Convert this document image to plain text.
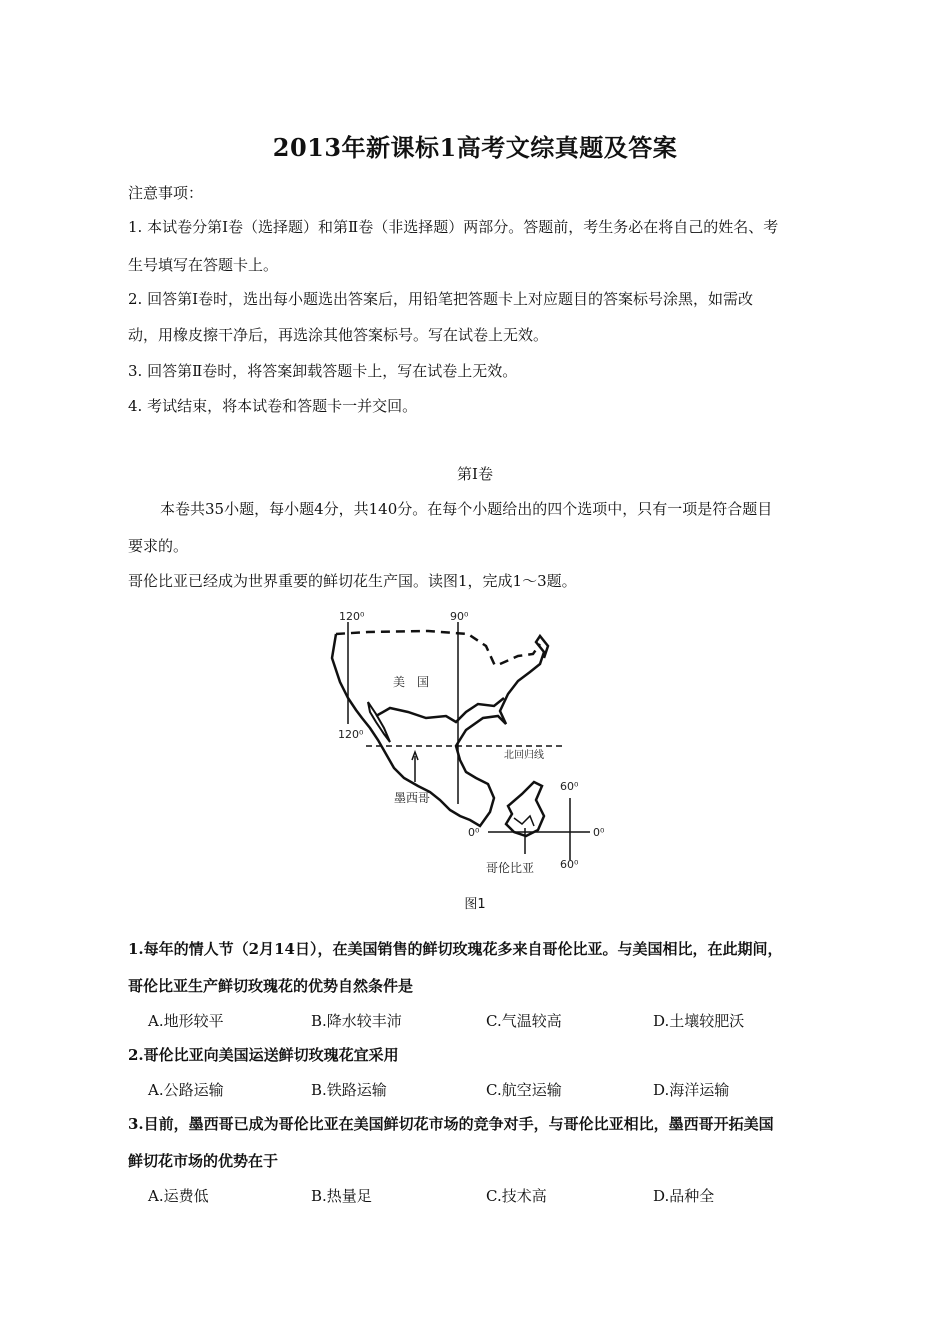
2013年新课标1高考文综真题及答案
注意事项：
1. 本试卷分第Ⅰ卷（选择题）和第Ⅱ卷（非选择题）两部分。答题前，考生务必在将自己的姓名、考
生号填写在答题卡上。
2. 回答第Ⅰ卷时，选出每小题选出答案后，用铅笔把答题卡上对应题目的答案标号涂黑，如需改
动，用橡皮擦干净后，再选涂其他答案标号。写在试卷上无效。
3. 回答第Ⅱ卷时，将答案卸载答题卡上，写在试卷上无效。
4. 考试结束，将本试卷和答题卡一并交回。
第Ⅰ卷
本卷共35小题，每小题4分，共140分。在每个小题给出的四个选项中，只有一项是符合题目
要求的。
哥伦比亚已经成为世界重要的鲜切花生产国。读图1，完成1～3题。
120⁰	90⁰
美　国
120⁰
北回归线
墨西哥
60⁰
0⁰	0⁰
哥伦比亚 60⁰
图1
1.每年的情人节（2月14日），在美国销售的鲜切玫瑰花多来自哥伦比亚。与美国相比，在此期间，
哥伦比亚生产鲜切玫瑰花的优势自然条件是
A.地形较平	B.降水较丰沛	C.气温较高	D.土壤较肥沃
2.哥伦比亚向美国运送鲜切玫瑰花宜采用
A.公路运输	B.铁路运输	C.航空运输	D.海洋运输
3.目前，墨西哥已成为哥伦比亚在美国鲜切花市场的竞争对手，与哥伦比亚相比，墨西哥开拓美国
鲜切花市场的优势在于
A.运费低	B.热量足	C.技术高	D.品种全
